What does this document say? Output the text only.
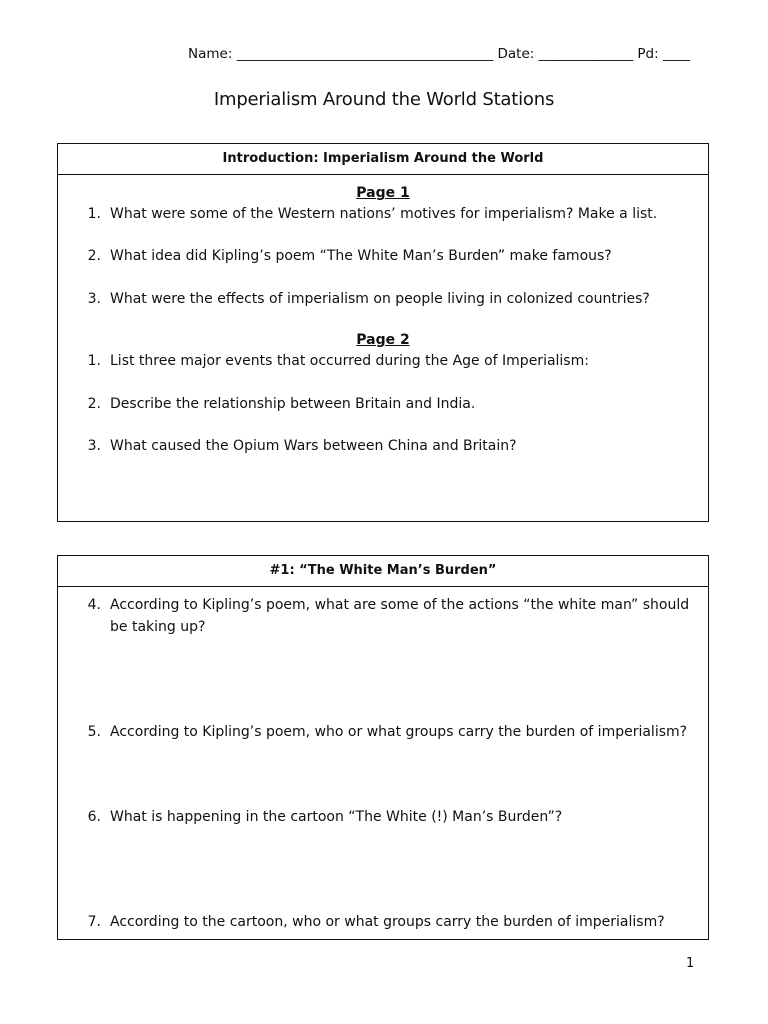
Name: ______________________________________ Date: ______________ Pd: ____
Imperialism Around the World Stations
Introduction: Imperialism Around the World
Page 1
1. What were some of the Western nations’ motives for imperialism? Make a list.
2. What idea did Kipling’s poem “The White Man’s Burden” make famous?
3. What were the effects of imperialism on people living in colonized countries?
Page 2
1. List three major events that occurred during the Age of Imperialism:
2. Describe the relationship between Britain and India.
3. What caused the Opium Wars between China and Britain?
#1: “The White Man’s Burden”
4. According to Kipling’s poem, what are some of the actions “the white man” should be taking up?
5. According to Kipling’s poem, who or what groups carry the burden of imperialism?
6. What is happening in the cartoon “The White (!) Man’s Burden”?
7. According to the cartoon, who or what groups carry the burden of imperialism?
1
